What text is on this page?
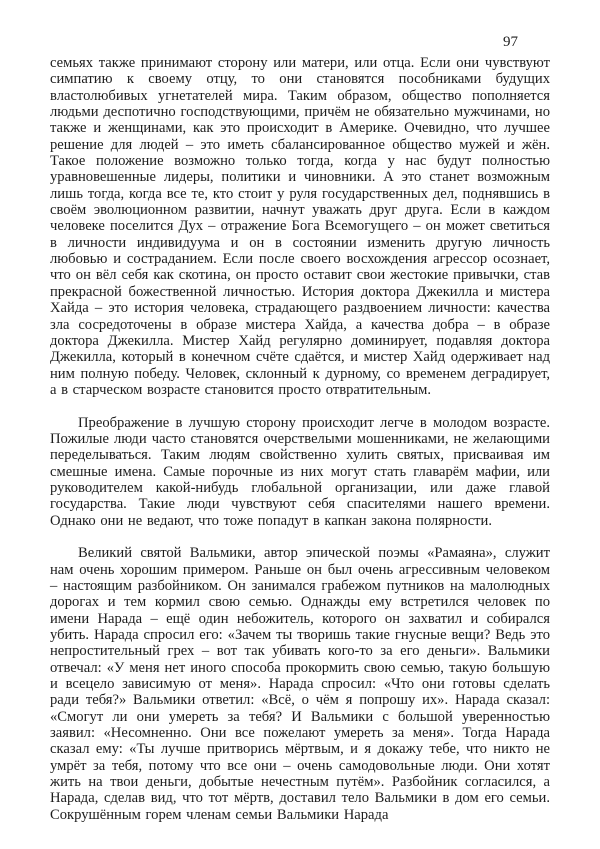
97

семьях также принимают сторону или матери, или отца. Если они чувствуют симпатию к своему отцу, то они становятся пособниками будущих властолюбивых угнетателей мира. Таким образом, общество пополняется людьми деспотично господствующими, причём не обязательно мужчинами, но также и женщинами, как это происходит в Америке. Очевидно, что лучшее решение для людей – это иметь сбалансированное общество мужей и жён. Такое положение возможно только тогда, когда у нас будут полностью уравновешенные лидеры, политики и чиновники. А это станет возможным лишь тогда, когда все те, кто стоит у руля государственных дел, поднявшись в своём эволюционном развитии, начнут уважать друг друга. Если в каждом человеке поселится Дух – отражение Бога Всемогущего – он может светиться в личности индивидуума и он в состоянии изменить другую личность любовью и состраданием. Если после своего восхождения агрессор осознает, что он вёл себя как скотина, он просто оставит свои жестокие привычки, став прекрасной божественной личностью. История доктора Джекилла и мистера Хайда – это история человека, страдающего раздвоением личности: качества зла сосредоточены в образе мистера Хайда, а качества добра – в образе доктора Джекилла. Мистер Хайд регулярно доминирует, подавляя доктора Джекилла, который в конечном счёте сдаётся, и мистер Хайд одерживает над ним полную победу. Человек, склонный к дурному, со временем деградирует, а в старческом возрасте становится просто отвратительным.

Преображение в лучшую сторону происходит легче в молодом возрасте. Пожилые люди часто становятся очерствелыми мошенниками, не желающими переделываться. Таким людям свойственно хулить святых, присваивая им смешные имена. Самые порочные из них могут стать главарём мафии, или руководителем какой-нибудь глобальной организации, или даже главой государства. Такие люди чувствуют себя спасителями нашего времени. Однако они не ведают, что тоже попадут в капкан закона полярности.

Великий святой Вальмики, автор эпической поэмы «Рамаяна», служит нам очень хорошим примером. Раньше он был очень агрессивным человеком – настоящим разбойником. Он занимался грабежом путников на малолюдных дорогах и тем кормил свою семью. Однажды ему встретился человек по имени Нарада – ещё один небожитель, которого он захватил и собирался убить. Нарада спросил его: «Зачем ты творишь такие гнусные вещи? Ведь это непростительный грех – вот так убивать кого-то за его деньги». Вальмики отвечал: «У меня нет иного способа прокормить свою семью, такую большую и всецело зависимую от меня». Нарада спросил: «Что они готовы сделать ради тебя?» Вальмики ответил: «Всё, о чём я попрошу их». Нарада сказал: «Смогут ли они умереть за тебя? И Вальмики с большой уверенностью заявил: «Несомненно. Они все пожелают умереть за меня». Тогда Нарада сказал ему: «Ты лучше притворись мёртвым, и я докажу тебе, что никто не умрёт за тебя, потому что все они – очень самодовольные люди. Они хотят жить на твои деньги, добытые нечестным путём». Разбойник согласился, а Нарада, сделав вид, что тот мёртв, доставил тело Вальмики в дом его семьи. Сокрушённым горем членам семьи Вальмики Нарада
